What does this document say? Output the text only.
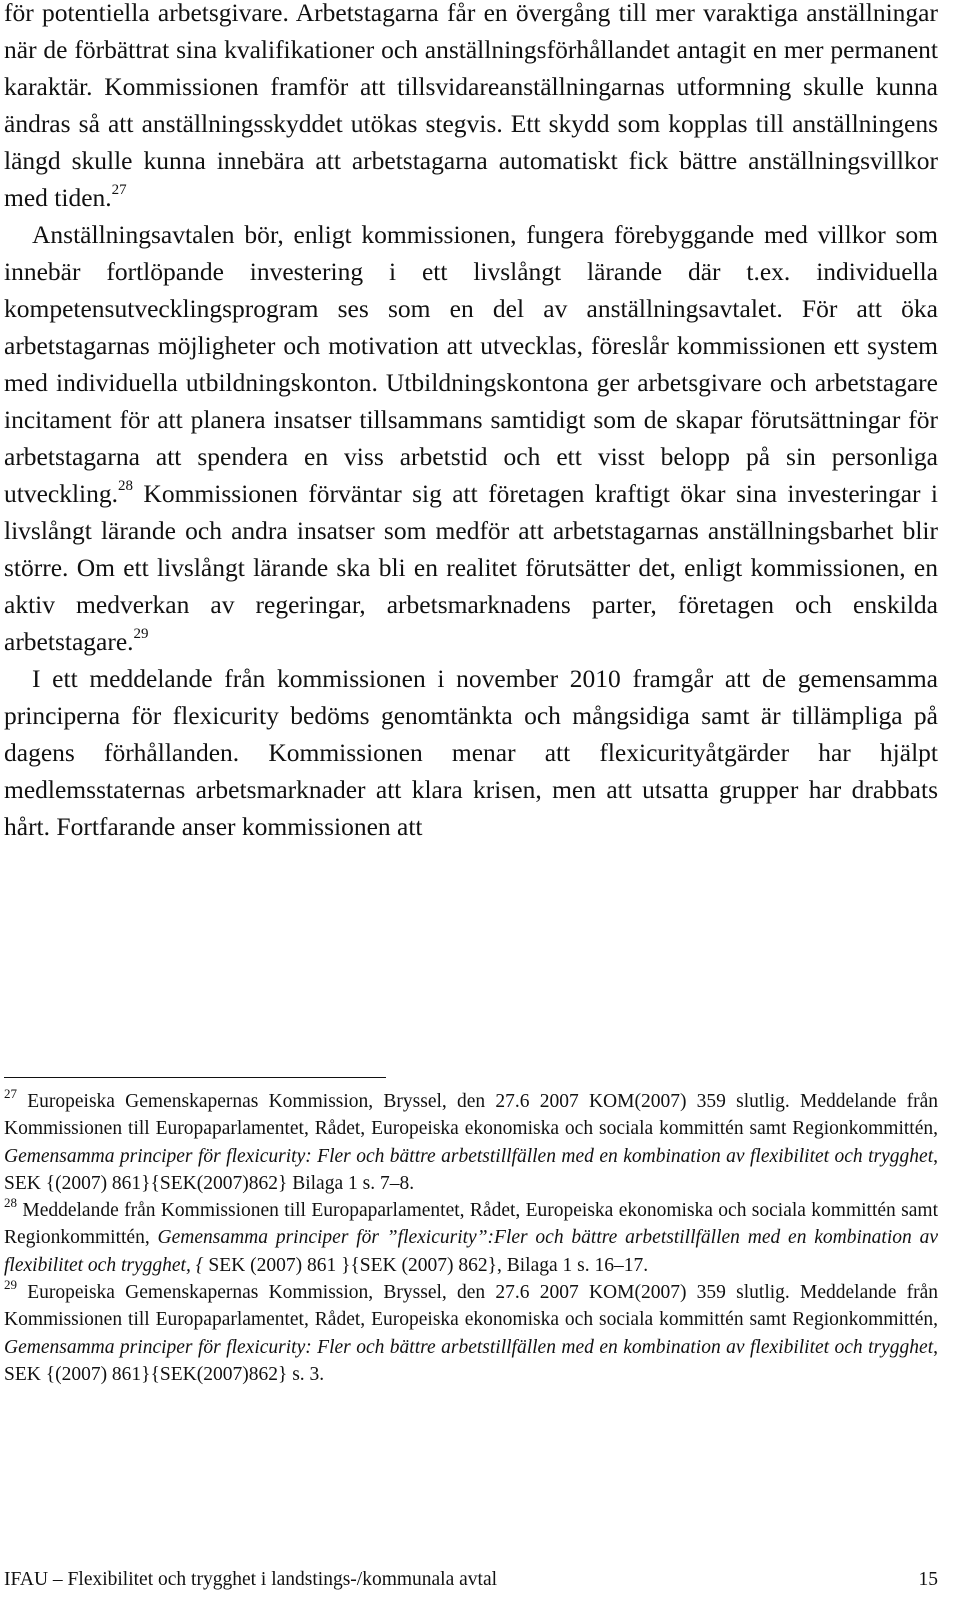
för potentiella arbetsgivare. Arbetstagarna får en övergång till mer varaktiga anställningar när de förbättrat sina kvalifikationer och anställningsförhållandet antagit en mer permanent karaktär. Kommissionen framför att tillsvidareanställningarnas utformning skulle kunna ändras så att anställningsskyddet utökas stegvis. Ett skydd som kopplas till anställningens längd skulle kunna innebära att arbetstagarna automatiskt fick bättre anställningsvillkor med tiden.$^{27}$

Anställningsavtalen bör, enligt kommissionen, fungera förebyggande med villkor som innebär fortlöpande investering i ett livslångt lärande där t.ex. individuella kompetensutvecklingsprogram ses som en del av anställningsavtalet. För att öka arbetstagarnas möjligheter och motivation att utvecklas, föreslår kommissionen ett system med individuella utbildningskonton. Utbildningskontona ger arbetsgivare och arbetstagare incitament för att planera insatser tillsammans samtidigt som de skapar förutsättningar för arbetstagarna att spendera en viss arbetstid och ett visst belopp på sin personliga utveckling.$^{28}$ Kommissionen förväntar sig att företagen kraftigt ökar sina investeringar i livslångt lärande och andra insatser som medför att arbetstagarnas anställningsbarhet blir större. Om ett livslångt lärande ska bli en realitet förutsätter det, enligt kommissionen, en aktiv medverkan av regeringar, arbetsmarknadens parter, företagen och enskilda arbetstagare.$^{29}$

I ett meddelande från kommissionen i november 2010 framgår att de gemensamma principerna för flexicurity bedöms genomtänkta och mångsidiga samt är tillämpliga på dagens förhållanden. Kommissionen menar att flexicurityåtgärder har hjälpt medlemsstaternas arbetsmarknader att klara krisen, men att utsatta grupper har drabbats hårt. Fortfarande anser kommissionen att

$^{27}$ Europeiska Gemenskapernas Kommission, Bryssel, den 27.6 2007 KOM(2007) 359 slutlig. Meddelande från Kommissionen till Europaparlamentet, Rådet, Europeiska ekonomiska och sociala kommittén samt Regionkommittén, Gemensamma principer för flexicurity: Fler och bättre arbetstillfällen med en kombination av flexibilitet och trygghet, SEK {(2007) 861}{SEK(2007)862} Bilaga 1 s. 7–8.

$^{28}$ Meddelande från Kommissionen till Europaparlamentet, Rådet, Europeiska ekonomiska och sociala kommittén samt Regionkommittén, Gemensamma principer för ”flexicurity”:Fler och bättre arbetstillfällen med en kombination av flexibilitet och trygghet, { SEK (2007) 861 }{SEK (2007) 862}, Bilaga 1 s. 16–17.

$^{29}$ Europeiska Gemenskapernas Kommission, Bryssel, den 27.6 2007 KOM(2007) 359 slutlig. Meddelande från Kommissionen till Europaparlamentet, Rådet, Europeiska ekonomiska och sociala kommittén samt Regionkommittén, Gemensamma principer för flexicurity: Fler och bättre arbetstillfällen med en kombination av flexibilitet och trygghet, SEK {(2007) 861}{SEK(2007)862} s. 3.

IFAU – Flexibilitet och trygghet i landstings-/kommunala avtal	15
